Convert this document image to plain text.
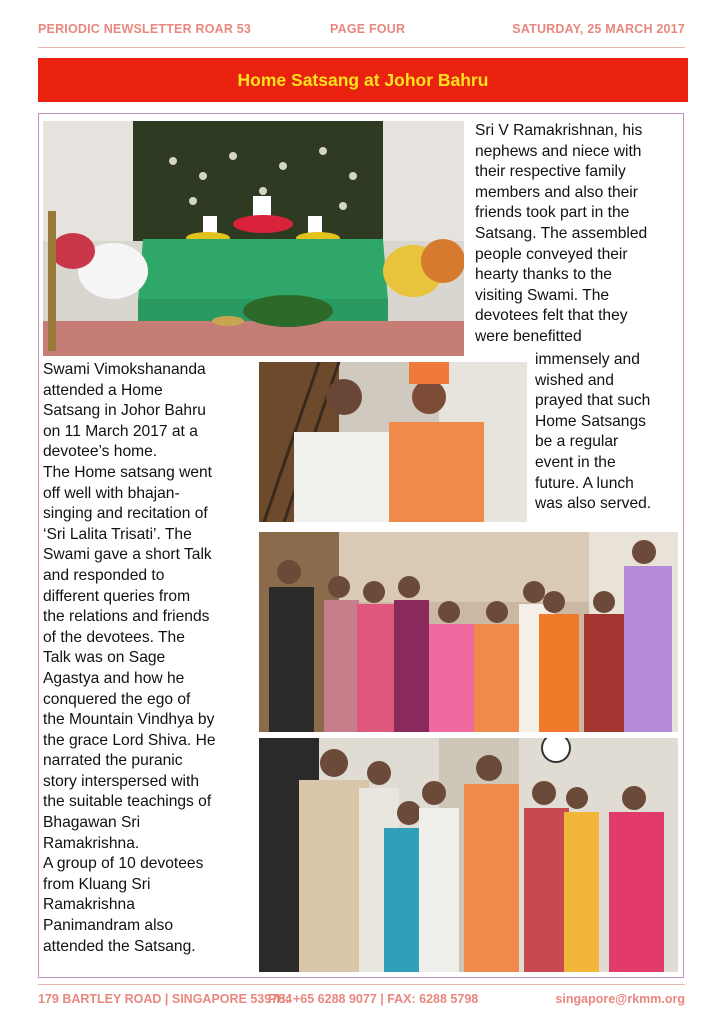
PERIODIC NEWSLETTER ROAR 53	PAGE FOUR	SATURDAY, 25 MARCH 2017
Home Satsang at Johor Bahru

Sri V Ramakrishnan, his

nephews and niece with

their respective family

members and also their

friends took part in the

Satsang. The assembled

people conveyed their

hearty thanks to the

visiting Swami. The

devotees felt that they

were benefitted

immensely and

wished and

prayed that such

Home Satsangs

be a regular

event in the

future. A lunch

was also served.

Swami Vimokshananda

attended a Home

Satsang in Johor Bahru

on 11 March 2017 at a

devotee’s home.

The Home satsang went

off well with bhajan-

singing and recitation of

‘Sri Lalita Trisati’. The

Swami gave a short Talk

and responded to

different queries from

the relations and friends

of the devotees. The

Talk was on Sage

Agastya and how he

conquered the ego of

the Mountain Vindhya by

the grace Lord Shiva. He

narrated the puranic

story interspersed with

the suitable teachings of

Bhagawan Sri

Ramakrishna.

A group of 10 devotees

from Kluang Sri

Ramakrishna

Panimandram also

attended the Satsang.

179 BARTLEY ROAD | SINGAPORE 539784
PH: +65 6288 9077 | FAX: 6288 5798	singapore@rkmm.org
